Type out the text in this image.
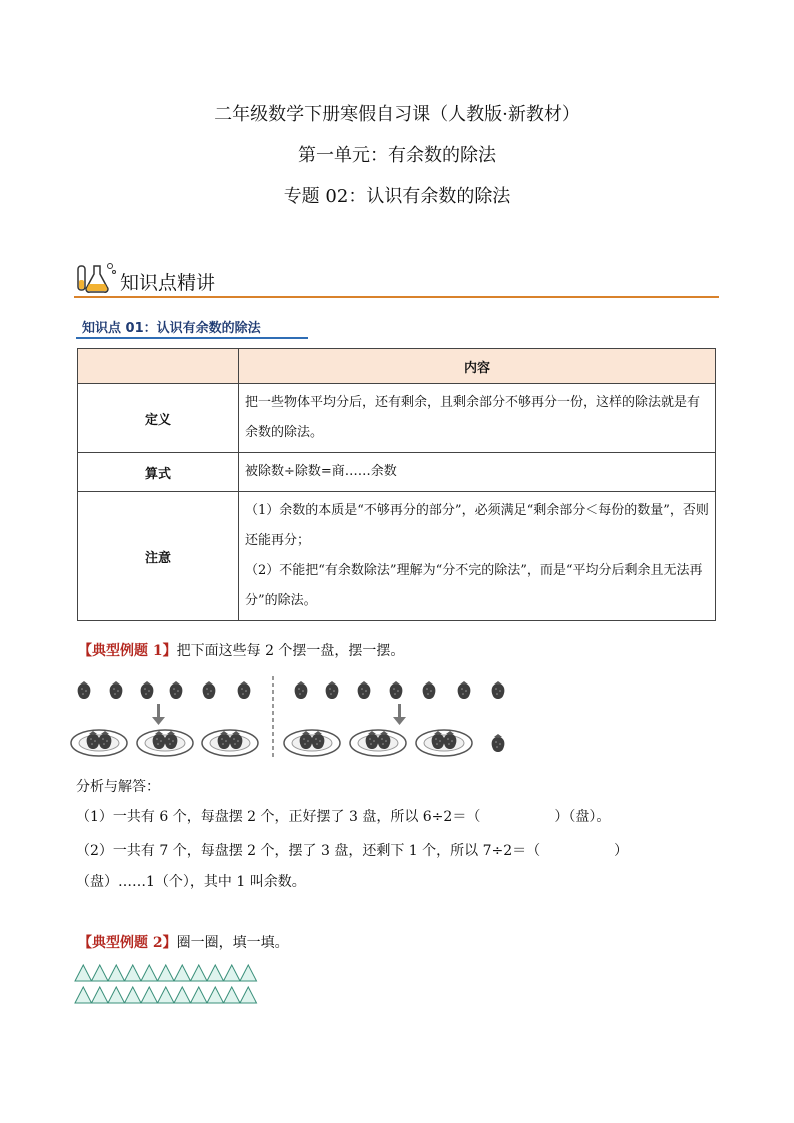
二年级数学下册寒假自习课（人教版·新教材）
第一单元：有余数的除法
专题 02：认识有余数的除法
知识点精讲
知识点 01：认识有余数的除法
	内容
定义	把一些物体平均分后，还有剩余，且剩余部分不够再分一份，这样的除法就是有余数的除法。
算式	被除数÷除数=商……余数
注意	（1）余数的本质是“不够再分的部分”，必须满足“剩余部分＜每份的数量”，否则还能再分；
（2）不能把“有余数除法”理解为“分不完的除法”，而是“平均分后剩余且无法再分”的除法。
【典型例题 1】把下面这些每 2 个摆一盘，摆一摆。
分析与解答：
（1）一共有 6 个，每盘摆 2 个，正好摆了 3 盘，所以 6÷2＝（	）（盘）。
（2）一共有 7 个，每盘摆 2 个，摆了 3 盘，还剩下 1 个，所以 7÷2＝（	）
（盘）……1（个），其中 1 叫余数。
【典型例题 2】圈一圈，填一填。
